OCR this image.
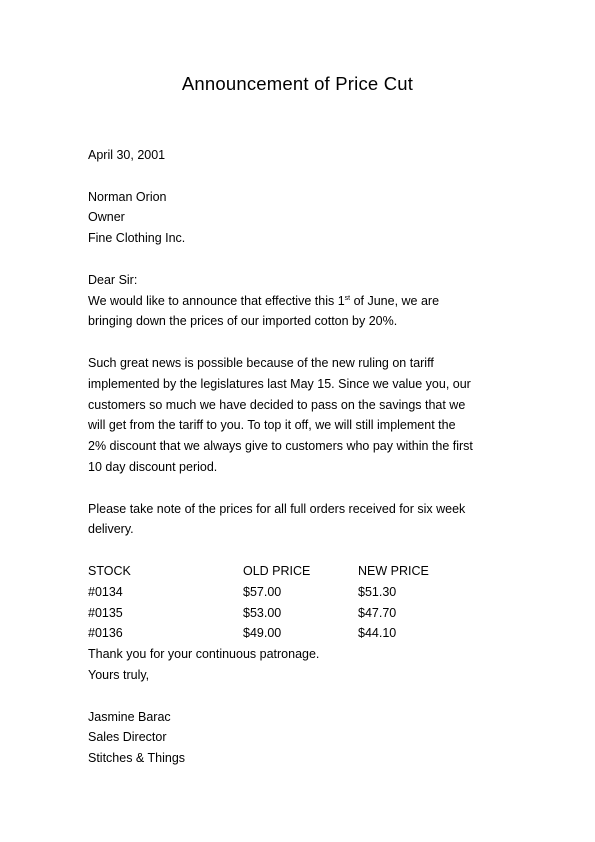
Announcement of Price Cut
April 30, 2001
Norman Orion
Owner
Fine Clothing Inc.
Dear Sir:
We would like to announce that effective this 1st of June, we are
bringing down the prices of our imported cotton by 20%.
Such great news is possible because of the new ruling on tariff
implemented by the legislatures last May 15. Since we value you, our
customers so much we have decided to pass on the savings that we
will get from the tariff to you. To top it off, we will still implement the
2% discount that we always give to customers who pay within the first
10 day discount period.
Please take note of the prices for all full orders received for six week
delivery.
STOCK	OLD PRICE	NEW PRICE
#0134	$57.00	$51.30
#0135	$53.00	$47.70
#0136	$49.00	$44.10
Thank you for your continuous patronage.
Yours truly,
Jasmine Barac
Sales Director
Stitches & Things
